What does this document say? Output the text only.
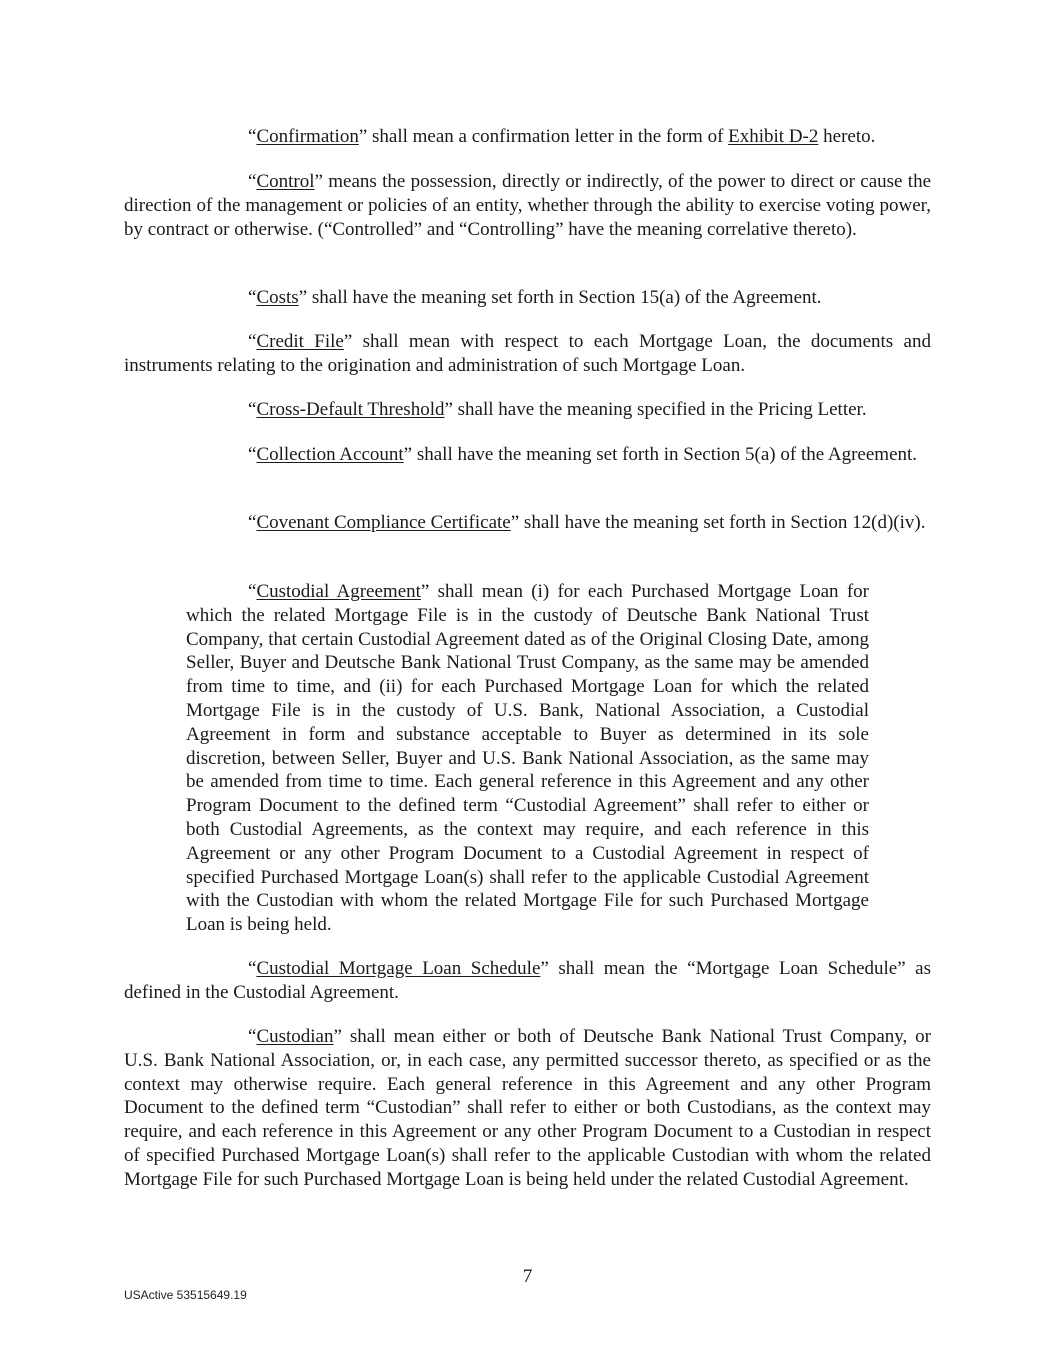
“Confirmation” shall mean a confirmation letter in the form of Exhibit D-2 hereto.

“Control” means the possession, directly or indirectly, of the power to direct or cause the direction of the management or policies of an entity, whether through the ability to exercise voting power, by contract or otherwise. (“Controlled” and “Controlling” have the meaning correlative thereto).

“Costs” shall have the meaning set forth in Section 15(a) of the Agreement.

“Credit File” shall mean with respect to each Mortgage Loan, the documents and instruments relating to the origination and administration of such Mortgage Loan.

“Cross-Default Threshold” shall have the meaning specified in the Pricing Letter.

“Collection Account” shall have the meaning set forth in Section 5(a) of the Agreement.

“Covenant Compliance Certificate” shall have the meaning set forth in Section 12(d)(iv).

“Custodial Agreement” shall mean (i) for each Purchased Mortgage Loan for which the related Mortgage File is in the custody of Deutsche Bank National Trust Company, that certain Custodial Agreement dated as of the Original Closing Date, among Seller, Buyer and Deutsche Bank National Trust Company, as the same may be amended from time to time, and (ii) for each Purchased Mortgage Loan for which the related Mortgage File is in the custody of U.S. Bank, National Association, a Custodial Agreement in form and substance acceptable to Buyer as determined in its sole discretion, between Seller, Buyer and U.S. Bank National Association, as the same may be amended from time to time. Each general reference in this Agreement and any other Program Document to the defined term “Custodial Agreement” shall refer to either or both Custodial Agreements, as the context may require, and each reference in this Agreement or any other Program Document to a Custodial Agreement in respect of specified Purchased Mortgage Loan(s) shall refer to the applicable Custodial Agreement with the Custodian with whom the related Mortgage File for such Purchased Mortgage Loan is being held.

“Custodial Mortgage Loan Schedule” shall mean the “Mortgage Loan Schedule” as defined in the Custodial Agreement.

“Custodian” shall mean either or both of Deutsche Bank National Trust Company, or U.S. Bank National Association, or, in each case, any permitted successor thereto, as specified or as the context may otherwise require. Each general reference in this Agreement and any other Program Document to the defined term “Custodian” shall refer to either or both Custodians, as the context may require, and each reference in this Agreement or any other Program Document to a Custodian in respect of specified Purchased Mortgage Loan(s) shall refer to the applicable Custodian with whom the related Mortgage File for such Purchased Mortgage Loan is being held under the related Custodial Agreement.

7
USActive 53515649.19
